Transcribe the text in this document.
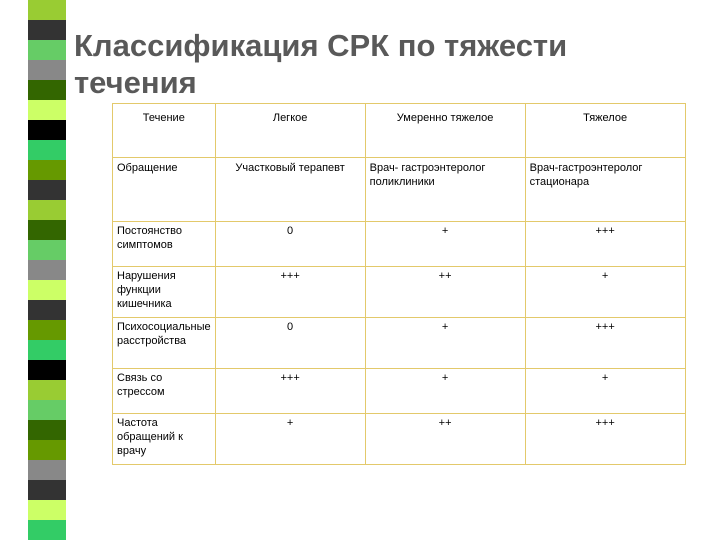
Классификация СРК по тяжести течения
Течение	Легкое	Умеренно тяжелое	Тяжелое
Обращение	Участковый терапевт	Врач- гастроэнтеролог поликлиники	Врач-гастроэнтеролог стационара
Постоянство симптомов	0	+	+++
Нарушения функции кишечника	+++	++	+
Психосоциальные расстройства	0	+	+++
Связь со стрессом	+++	+	+
Частота обращений к врачу	+	++	+++
